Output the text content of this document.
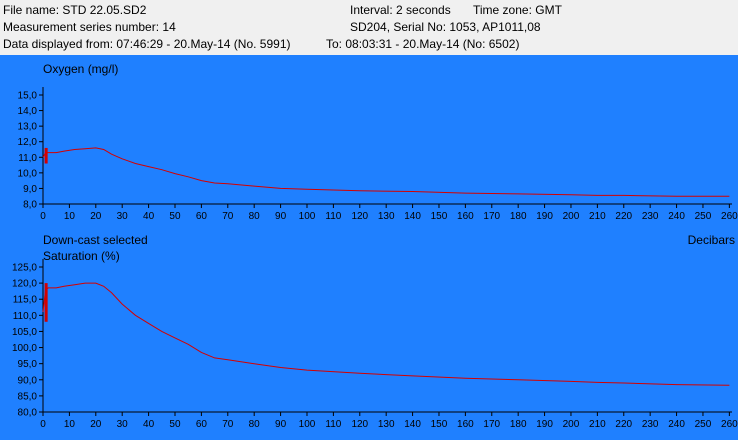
File name: STD 22.05.SD2
Measurement series number: 14
Data displayed from: 07:46:29 - 20.May-14 (No. 5991)	To: 08:03:31 - 20.May-14 (No: 6502)
Interval: 2 seconds Time zone: GMT
SD204, Serial No: 1053, AP1011,08
Oxygen (mg/l)
8,0
9,0
10,0
11,0
12,0
13,0
14,0
15,0
0 10 20 30 40 50 60 70 80 90 100 110 120 130 140 150 160 170 180 190 200 210 220 230 240 250 260
Saturation (%)
80,0
85,0
90,0
95,0
100,0
105,0
110,0
115,0
120,0
125,0
0 10 20 30 40 50 60 70 80 90 100 110 120 130 140 150 160 170 180 190 200 210 220 230 240 250 260
Down-cast selected	Decibars
